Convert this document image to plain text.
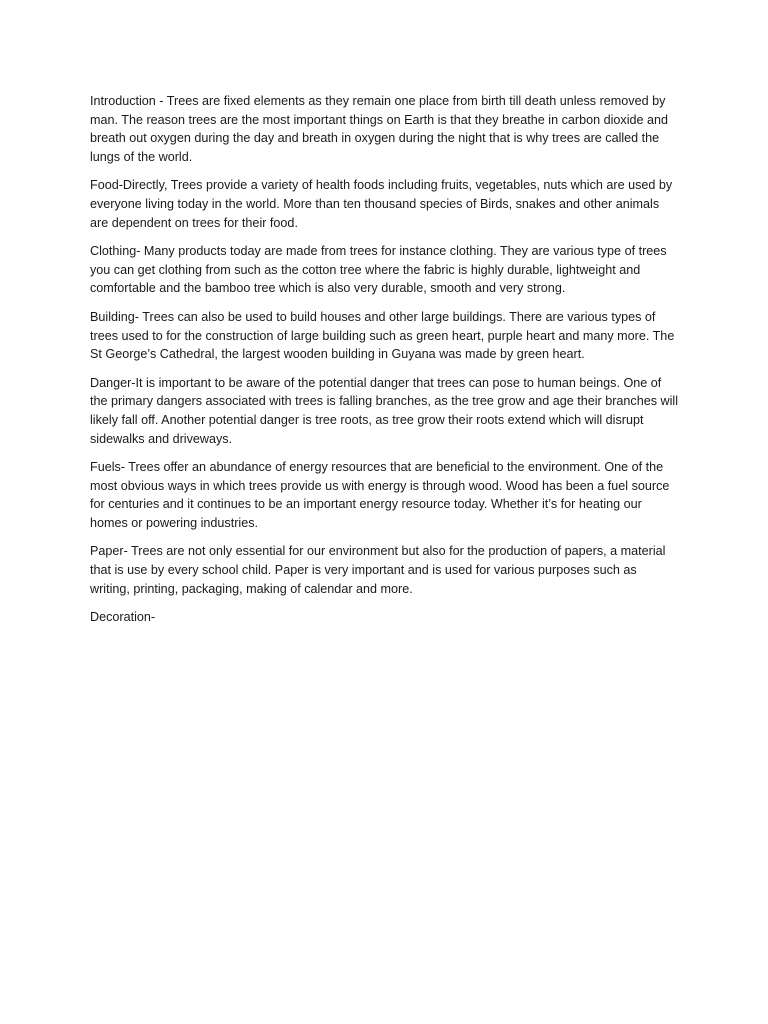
Introduction - Trees are fixed elements as they remain one place from birth till death unless removed by man. The reason trees are the most important things on Earth is that they breathe in carbon dioxide and breath out oxygen during the day and breath in oxygen during the night that is why trees are called the lungs of the world.

Food-Directly, Trees provide a variety of health foods including fruits, vegetables, nuts which are used by everyone living today in the world. More than ten thousand species of Birds, snakes and other animals are dependent on trees for their food.

Clothing- Many products today are made from trees for instance clothing. They are various type of trees you can get clothing from such as the cotton tree where the fabric is highly durable, lightweight and comfortable and the bamboo tree which is also very durable, smooth and very strong.

Building- Trees can also be used to build houses and other large buildings. There are various types of trees used to for the construction of large building such as green heart, purple heart and many more. The St George’s Cathedral, the largest wooden building in Guyana was made by green heart.

Danger-It is important to be aware of the potential danger that trees can pose to human beings. One of the primary dangers associated with trees is falling branches, as the tree grow and age their branches will likely fall off. Another potential danger is tree roots, as tree grow their roots extend which will disrupt sidewalks and driveways.

Fuels- Trees offer an abundance of energy resources that are beneficial to the environment. One of the most obvious ways in which trees provide us with energy is through wood. Wood has been a fuel source for centuries and it continues to be an important energy resource today. Whether it’s for heating our homes or powering industries.

Paper- Trees are not only essential for our environment but also for the production of papers, a material that is use by every school child. Paper is very important and is used for various purposes such as writing, printing, packaging, making of calendar and more.

Decoration-
